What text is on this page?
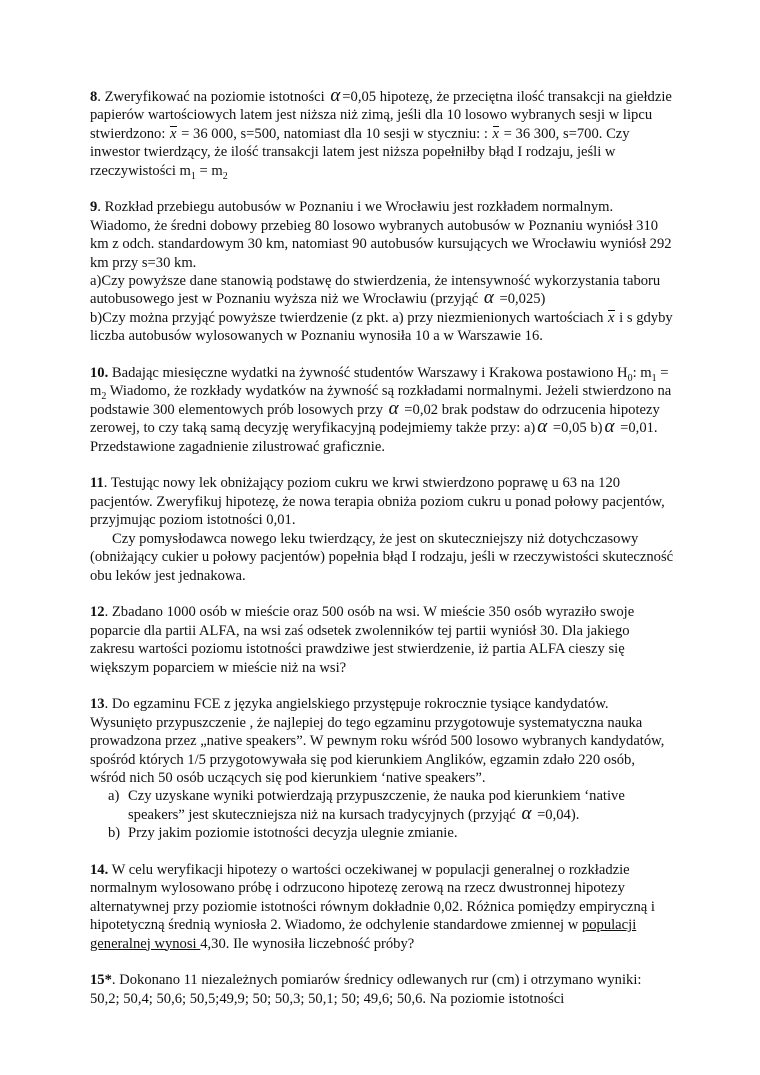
8. Zweryfikować na poziomie istotności α =0,05 hipotezę, że przeciętna ilość transakcji na giełdzie papierów wartościowych latem jest niższa niż zimą, jeśli dla 10 losowo wybranych sesji w lipcu stwierdzono: x = 36 000, s=500, natomiast dla 10 sesji w styczniu: : x = 36 300, s=700. Czy inwestor twierdzący, że ilość transakcji latem jest niższa popełniłby błąd I rodzaju, jeśli w rzeczywistości $m_1 = m_2$

9. Rozkład przebiegu autobusów w Poznaniu i we Wrocławiu jest rozkładem normalnym. Wiadomo, że średni dobowy przebieg 80 losowo wybranych autobusów w Poznaniu wyniósł 310 km z odch. standardowym 30 km, natomiast 90 autobusów kursujących we Wrocławiu wyniósł 292 km przy s=30 km.

a)Czy powyższe dane stanowią podstawę do stwierdzenia, że intensywność wykorzystania taboru autobusowego jest w Poznaniu wyższa niż we Wrocławiu (przyjąć α =0,025)

b)Czy można przyjąć powyższe twierdzenie (z pkt. a) przy niezmienionych wartościach x i s gdyby liczba autobusów wylosowanych w Poznaniu wynosiła 10 a w Warszawie 16.

10. Badając miesięczne wydatki na żywność studentów Warszawy i Krakowa postawiono $H_0$: $m_1 = m_2$ Wiadomo, że rozkłady wydatków na żywność są rozkładami normalnymi. Jeżeli stwierdzono na podstawie 300 elementowych prób losowych przy α =0,02 brak podstaw do odrzucenia hipotezy zerowej, to czy taką samą decyzję weryfikacyjną podejmiemy także przy: a) α =0,05 b) α =0,01. Przedstawione zagadnienie zilustrować graficznie.

11. Testując nowy lek obniżający poziom cukru we krwi stwierdzono poprawę u 63 na 120 pacjentów. Zweryfikuj hipotezę, że nowa terapia obniża poziom cukru u ponad połowy pacjentów, przyjmując poziom istotności 0,01.

Czy pomysłodawca nowego leku twierdzący, że jest on skuteczniejszy niż dotychczasowy (obniżający cukier u połowy pacjentów) popełnia błąd I rodzaju, jeśli w rzeczywistości skuteczność obu leków jest jednakowa.

12. Zbadano 1000 osób w mieście oraz 500 osób na wsi. W mieście 350 osób wyraziło swoje poparcie dla partii ALFA, na wsi zaś odsetek zwolenników tej partii wyniósł 30. Dla jakiego zakresu wartości poziomu istotności prawdziwe jest stwierdzenie, iż partia ALFA cieszy się większym poparciem w mieście niż na wsi?

13. Do egzaminu FCE z języka angielskiego przystępuje rokrocznie tysiące kandydatów. Wysunięto przypuszczenie , że najlepiej do tego egzaminu przygotowuje systematyczna nauka prowadzona przez „native speakers”. W pewnym roku wśród 500 losowo wybranych kandydatów, spośród których 1/5 przygotowywała się pod kierunkiem Anglików, egzamin zdało 220 osób, wśród nich 50 osób uczących się pod kierunkiem ‘native speakers”.

a) Czy uzyskane wyniki potwierdzają przypuszczenie, że nauka pod kierunkiem ‘native speakers” jest skuteczniejsza niż na kursach tradycyjnych (przyjąć α =0,04).
b) Przy jakim poziomie istotności decyzja ulegnie zmianie.

14. W celu weryfikacji hipotezy o wartości oczekiwanej w populacji generalnej o rozkładzie normalnym wylosowano próbę i odrzucono hipotezę zerową na rzecz dwustronnej hipotezy alternatywnej przy poziomie istotności równym dokładnie 0,02. Różnica pomiędzy empiryczną i hipotetyczną średnią wyniosła 2. Wiadomo, że odchylenie standardowe zmiennej w populacji generalnej wynosi 4,30. Ile wynosiła liczebność próby?

15*. Dokonano 11 niezależnych pomiarów średnicy odlewanych rur (cm) i otrzymano wyniki: 50,2; 50,4; 50,6; 50,5;49,9; 50; 50,3; 50,1; 50; 49,6; 50,6. Na poziomie istotności
